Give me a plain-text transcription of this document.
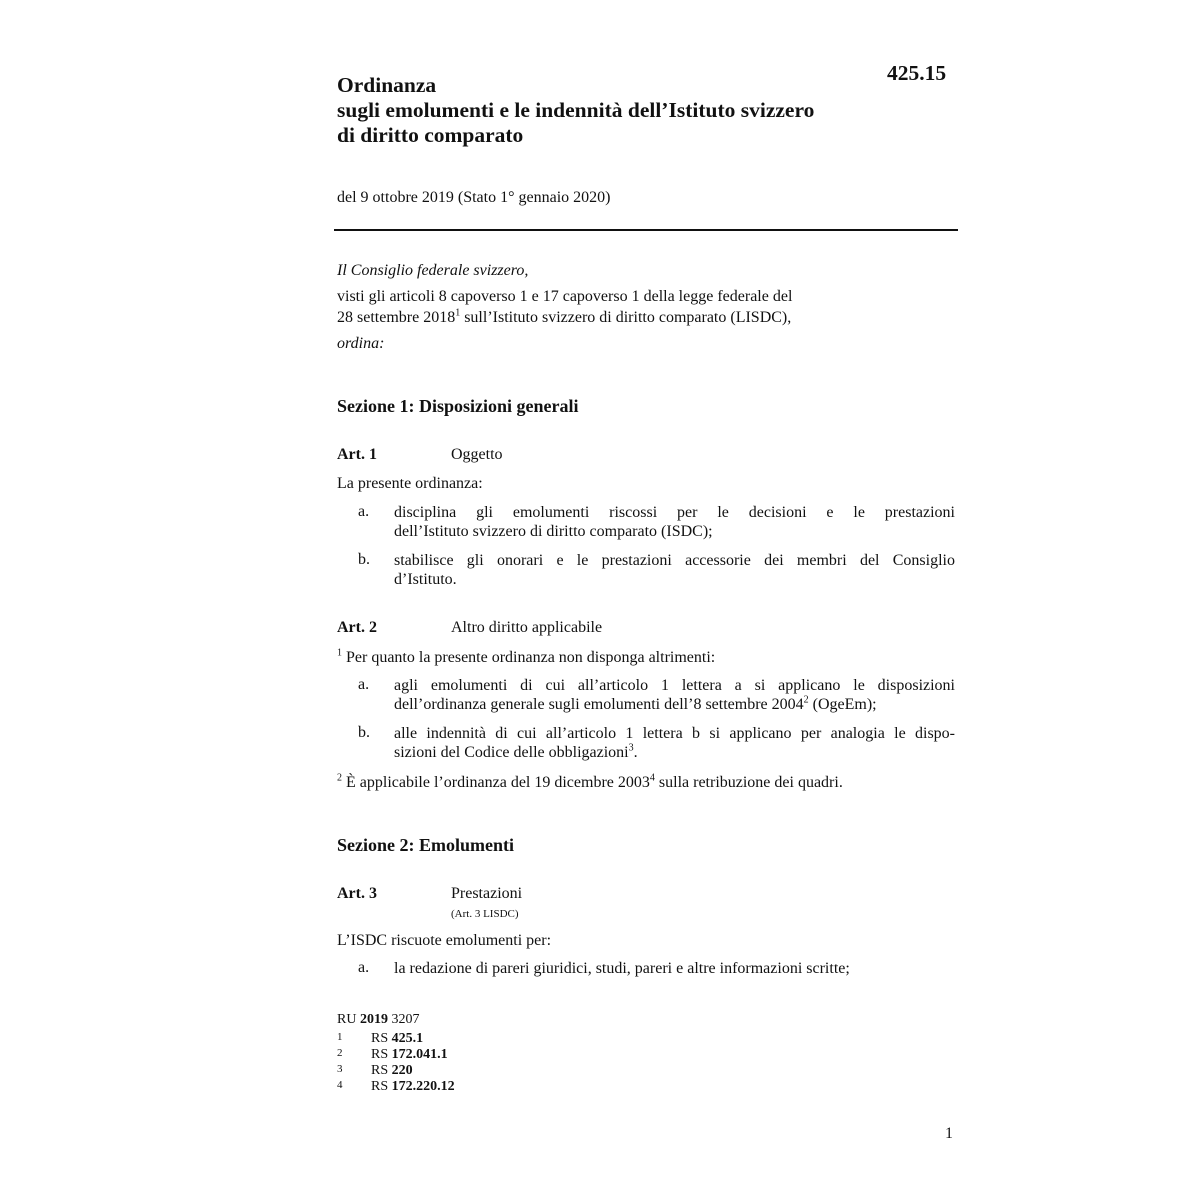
Ordinanza
sugli emolumenti e le indennità dell’Istituto svizzero
di diritto comparato
425.15
del 9 ottobre 2019 (Stato 1° gennaio 2020)
Il Consiglio federale svizzero,
visti gli articoli 8 capoverso 1 e 17 capoverso 1 della legge federale del
28 settembre 2018$^1$ sull’Istituto svizzero di diritto comparato (LISDC),
ordina:
Sezione 1: Disposizioni generali
Art. 1	Oggetto
La presente ordinanza:
a. disciplina gli emolumenti riscossi per le decisioni e le prestazioni
dell’Istituto svizzero di diritto comparato (ISDC);
b. stabilisce gli onorari e le prestazioni accessorie dei membri del Consiglio
d’Istituto.
Art. 2	Altro diritto applicabile
$^1$ Per quanto la presente ordinanza non disponga altrimenti:
a. agli emolumenti di cui all’articolo 1 lettera a si applicano le disposizioni
dell’ordinanza generale sugli emolumenti dell’8 settembre 2004$^2$ (OgeEm);
b. alle indennità di cui all’articolo 1 lettera b si applicano per analogia le dispo-
sizioni del Codice delle obbligazioni$^3$.
$^2$ È applicabile l’ordinanza del 19 dicembre 2003$^4$ sulla retribuzione dei quadri.
Sezione 2: Emolumenti
Art. 3	Prestazioni
(Art. 3 LISDC)
L’ISDC riscuote emolumenti per:
a. la redazione di pareri giuridici, studi, pareri e altre informazioni scritte;
RU 2019 3207
1 RS 425.1
2 RS 172.041.1
3 RS 220
4 RS 172.220.12
1
